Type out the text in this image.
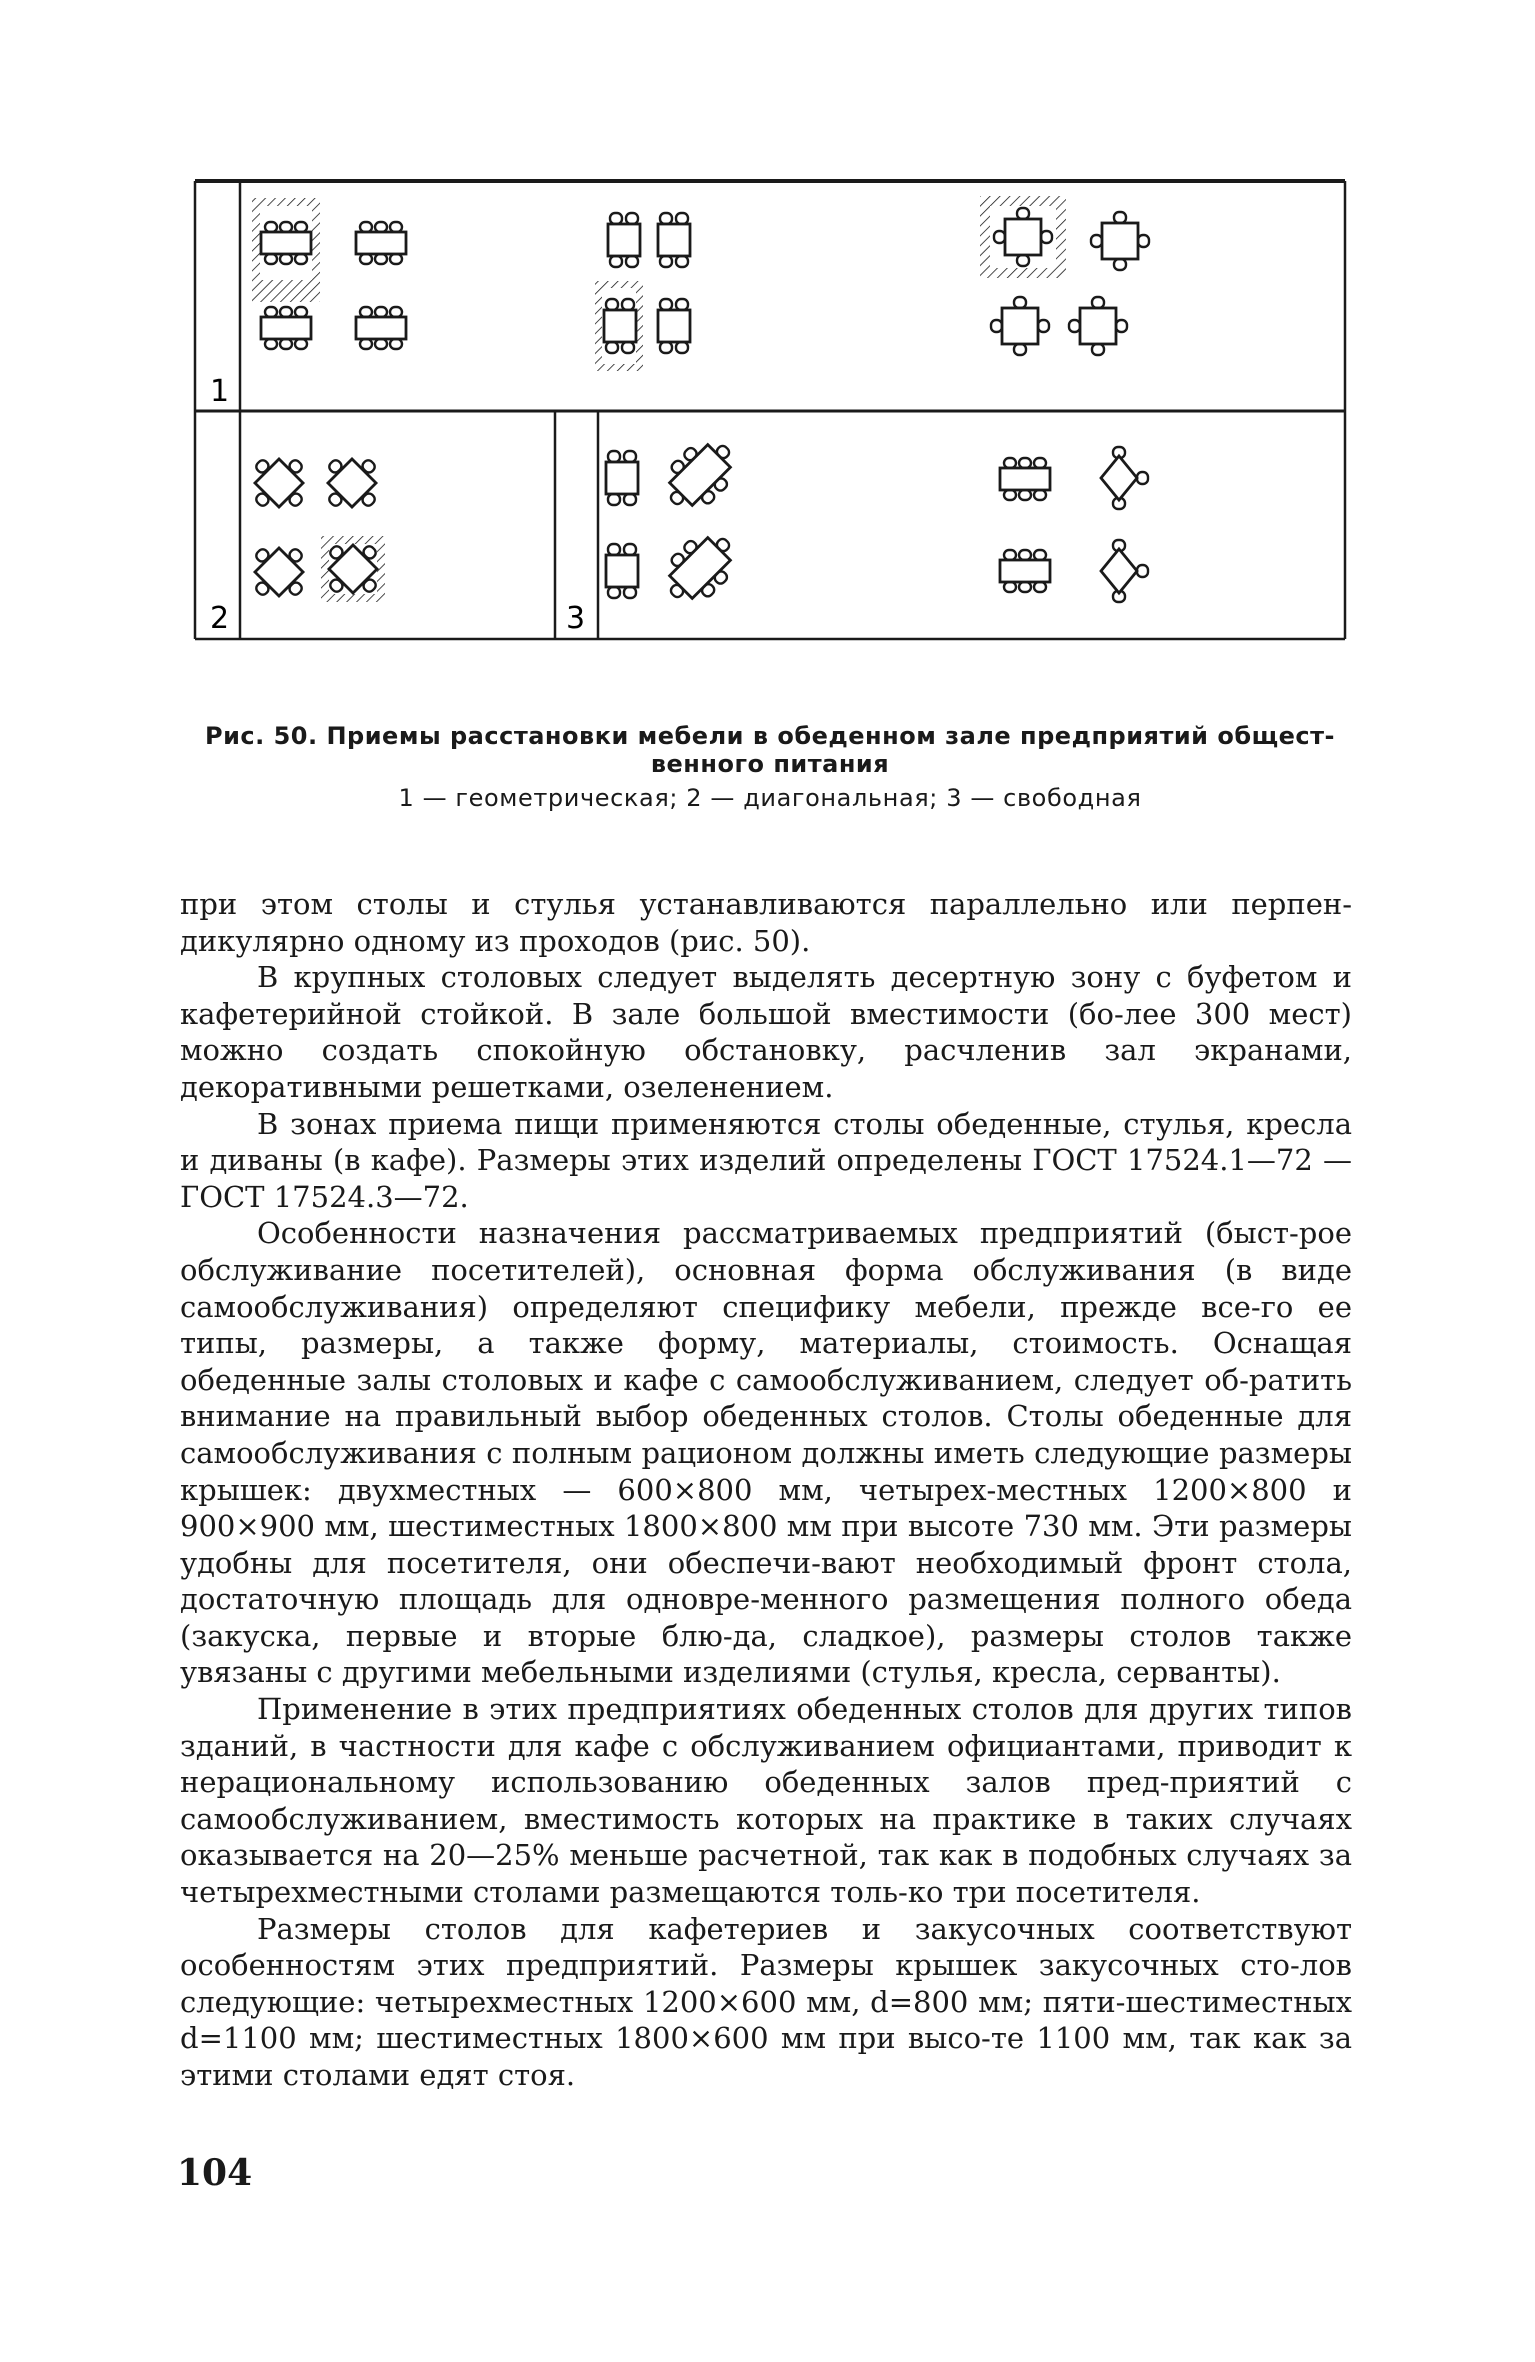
1
2	3
Рис. 50. Приемы расстановки мебели в обеденном зале предприятий общест-
венного питания
1 — геометрическая; 2 — диагональная; 3 — свободная

при этом столы и стулья устанавливаются параллельно или перпен-дикулярно одному из проходов (рис. 50).

В крупных столовых следует выделять десертную зону с буфетом и кафетерийной стойкой. В зале большой вместимости (бо-лее 300 мест) можно создать спокойную обстановку, расчленив зал экранами, декоративными решетками, озеленением.

В зонах приема пищи применяются столы обеденные, стулья, кресла и диваны (в кафе). Размеры этих изделий определены ГОСТ 17524.1—72 — ГОСТ 17524.3—72.

Особенности назначения рассматриваемых предприятий (быст-рое обслуживание посетителей), основная форма обслуживания (в виде самообслуживания) определяют специфику мебели, прежде все-го ее типы, размеры, а также форму, материалы, стоимость. Оснащая обеденные залы столовых и кафе с самообслуживанием, следует об-ратить внимание на правильный выбор обеденных столов. Столы обеденные для самообслуживания с полным рационом должны иметь следующие размеры крышек: двухместных — 600×800 мм, четырех-местных 1200×800 и 900×900 мм, шестиместных 1800×800 мм при высоте 730 мм. Эти размеры удобны для посетителя, они обеспечи-вают необходимый фронт стола, достаточную площадь для одновре-менного размещения полного обеда (закуска, первые и вторые блю-да, сладкое), размеры столов также увязаны с другими мебельными изделиями (стулья, кресла, серванты).

Применение в этих предприятиях обеденных столов для других типов зданий, в частности для кафе с обслуживанием официантами, приводит к нерациональному использованию обеденных залов пред-приятий с самообслуживанием, вместимость которых на практике в таких случаях оказывается на 20—25% меньше расчетной, так как в подобных случаях за четырехместными столами размещаются толь-ко три посетителя.

Размеры столов для кафетериев и закусочных соответствуют особенностям этих предприятий. Размеры крышек закусочных сто-лов следующие: четырехместных 1200×600 мм, d=800 мм; пяти-шестиместных d=1100 мм; шестиместных 1800×600 мм при высо-те 1100 мм, так как за этими столами едят стоя.

104
